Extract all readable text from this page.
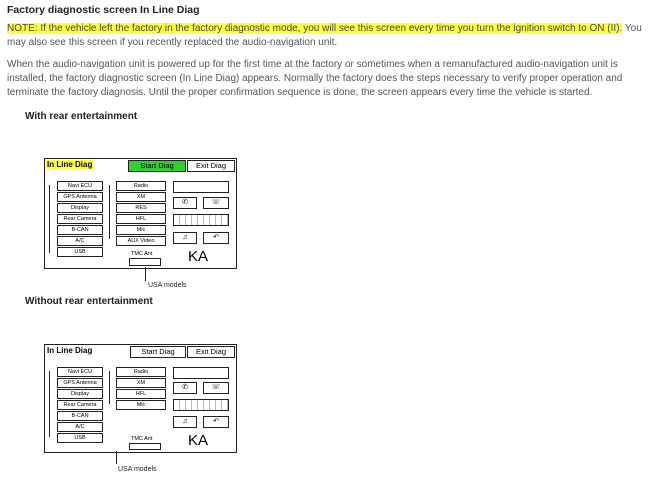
Factory diagnostic screen In Line Diag
NOTE: If the vehicle left the factory in the factory diagnostic mode, you will see this screen every time you turn the ignition switch to ON (II). You may also see this screen if you recently replaced the audio-navigation unit.
When the audio-navigation unit is powered up for the first time at the factory or sometimes when a remanufactured audio-navigation unit is installed, the factory diagnostic screen (In Line Diag) appears. Normally the factory does the steps necessary to verify proper operation and terminate the factory diagnosis. Until the proper confirmation sequence is done, the screen appears every time the vehicle is started.
With rear entertainment
In Line Diag	Start Diag	Exit Diag
Navi ECU
GPS Antenna
Display
Rear Camera
B-CAN
A/C
USB
Radio
XM
RES
HFL
Mic
AUX Video
✆	☏
♫	↶
TMC Ant KA
USA models
Without rear entertainment
In Line Diag	Start Diag	Exit Diag
Navi ECU
GPS Antenna
Display
Rear Camera
B-CAN
A/C
USB
Radio
XM
HFL
Mic
✆	☏
♫	↶
TMC Ant KA
USA models
